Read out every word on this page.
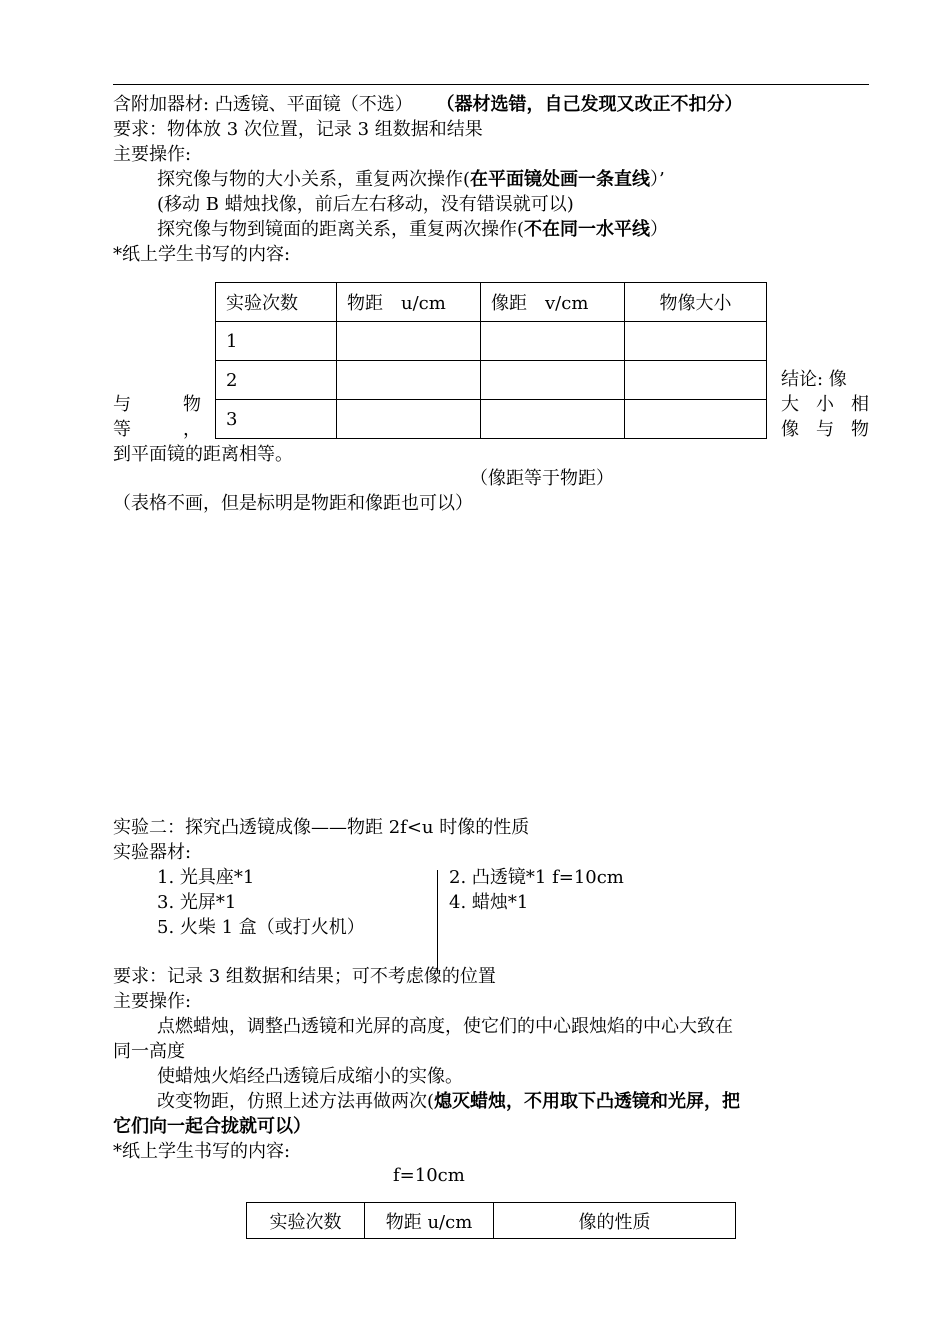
含附加器材: 凸透镜、平面镜（不选） （器材选错，自己发现又改正不扣分）
要求：物体放 3 次位置，记录 3 组数据和结果
主要操作:
探究像与物的大小关系，重复两次操作(在平面镜处画一条直线）’
(移动 B 蜡烛找像，前后左右移动，没有错误就可以)
探究像与物到镜面的距离关系，重复两次操作(不在同一水平线）
*纸上学生书写的内容:
实验次数	物距　u/cm	像距　v/cm	物像大小
1			
2			
3			
结论: 像
大 小 相
像 与 物
与	物
等	，
到平面镜的距离相等。
（像距等于物距）
（表格不画，但是标明是物距和像距也可以）
实验二：探究凸透镜成像——物距 2f<u 时像的性质
实验器材:
1. 光具座*1
3. 光屏*1
5. 火柴 1 盒（或打火机）
2. 凸透镜*1 f=10cm
4. 蜡烛*1
要求：记录 3 组数据和结果；可不考虑像的位置
主要操作:
点燃蜡烛，调整凸透镜和光屏的高度，使它们的中心跟烛焰的中心大致在
同一高度
使蜡烛火焰经凸透镜后成缩小的实像。
改变物距，仿照上述方法再做两次(熄灭蜡烛，不用取下凸透镜和光屏，把
它们向一起合拢就可以）
*纸上学生书写的内容:
f=10cm
实验次数	物距 u/cm	像的性质
